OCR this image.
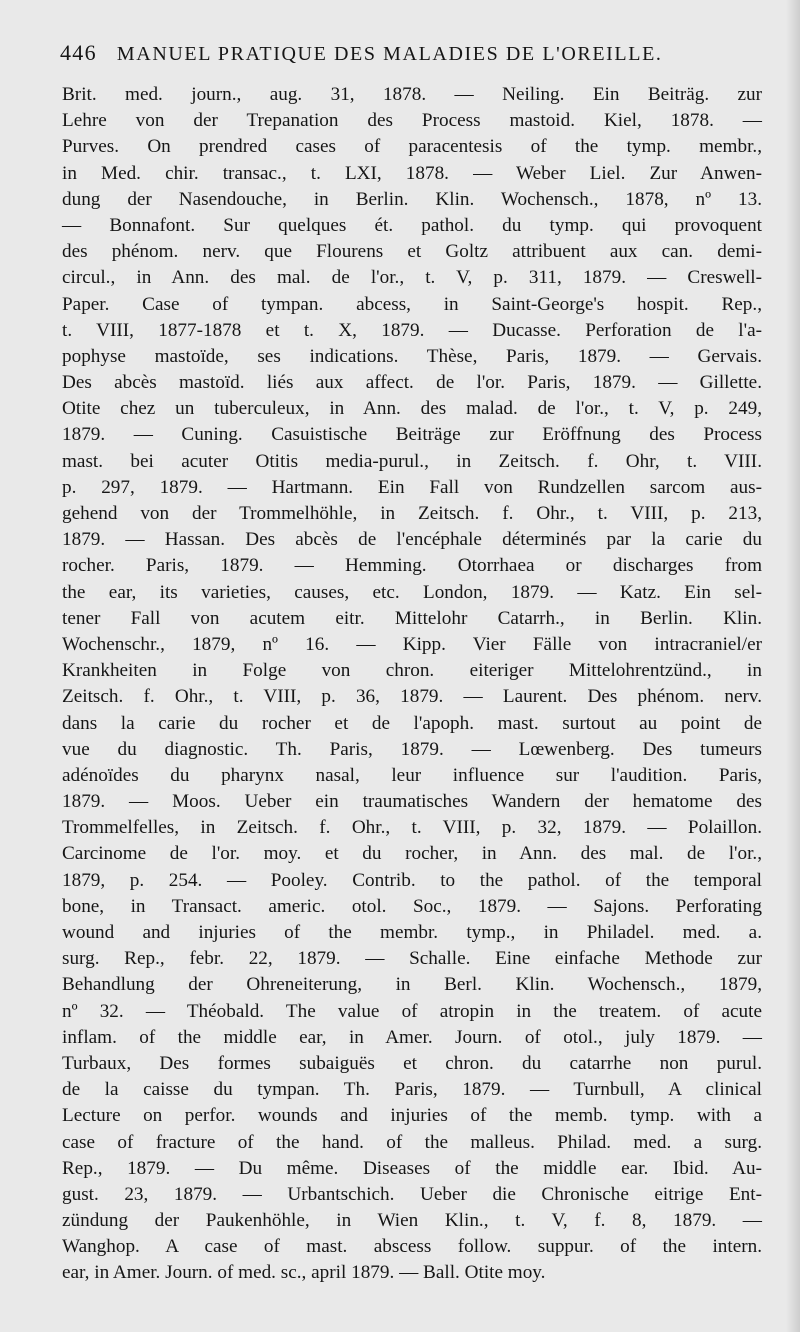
446 MANUEL PRATIQUE DES MALADIES DE L'OREILLE.
Brit. med. journ., aug. 31, 1878. — Neiling. Ein Beiträg. zur
Lehre von der Trepanation des Process mastoid. Kiel, 1878. —
Purves. On prendred cases of paracentesis of the tymp. membr.,
in Med. chir. transac., t. LXI, 1878. — Weber Liel. Zur Anwen-
dung der Nasendouche, in Berlin. Klin. Wochensch., 1878, nº 13.
— Bonnafont. Sur quelques ét. pathol. du tymp. qui provoquent
des phénom. nerv. que Flourens et Goltz attribuent aux can. demi-
circul., in Ann. des mal. de l'or., t. V, p. 311, 1879. — Creswell-
Paper. Case of tympan. abcess, in Saint-George's hospit. Rep.,
t. VIII, 1877-1878 et t. X, 1879. — Ducasse. Perforation de l'a-
pophyse mastoïde, ses indications. Thèse, Paris, 1879. — Gervais.
Des abcès mastoïd. liés aux affect. de l'or. Paris, 1879. — Gillette.
Otite chez un tuberculeux, in Ann. des malad. de l'or., t. V, p. 249,
1879. — Cuning. Casuistische Beiträge zur Eröffnung des Process
mast. bei acuter Otitis media-purul., in Zeitsch. f. Ohr, t. VIII.
p. 297, 1879. — Hartmann. Ein Fall von Rundzellen sarcom aus-
gehend von der Trommelhöhle, in Zeitsch. f. Ohr., t. VIII, p. 213,
1879. — Hassan. Des abcès de l'encéphale déterminés par la carie du
rocher. Paris, 1879. — Hemming. Otorrhaea or discharges from
the ear, its varieties, causes, etc. London, 1879. — Katz. Ein sel-
tener Fall von acutem eitr. Mittelohr Catarrh., in Berlin. Klin.
Wochenschr., 1879, nº 16. — Kipp. Vier Fälle von intracraniel/er
Krankheiten in Folge von chron. eiteriger Mittelohrentzünd., in
Zeitsch. f. Ohr., t. VIII, p. 36, 1879. — Laurent. Des phénom. nerv.
dans la carie du rocher et de l'apoph. mast. surtout au point de
vue du diagnostic. Th. Paris, 1879. — Lœwenberg. Des tumeurs
adénoïdes du pharynx nasal, leur influence sur l'audition. Paris,
1879. — Moos. Ueber ein traumatisches Wandern der hematome des
Trommelfelles, in Zeitsch. f. Ohr., t. VIII, p. 32, 1879. — Polaillon.
Carcinome de l'or. moy. et du rocher, in Ann. des mal. de l'or.,
1879, p. 254. — Pooley. Contrib. to the pathol. of the temporal
bone, in Transact. americ. otol. Soc., 1879. — Sajons. Perforating
wound and injuries of the membr. tymp., in Philadel. med. a.
surg. Rep., febr. 22, 1879. — Schalle. Eine einfache Methode zur
Behandlung der Ohreneiterung, in Berl. Klin. Wochensch., 1879,
nº 32. — Théobald. The value of atropin in the treatem. of acute
inflam. of the middle ear, in Amer. Journ. of otol., july 1879. —
Turbaux, Des formes subaiguës et chron. du catarrhe non purul.
de la caisse du tympan. Th. Paris, 1879. — Turnbull, A clinical
Lecture on perfor. wounds and injuries of the memb. tymp. with a
case of fracture of the hand. of the malleus. Philad. med. a surg.
Rep., 1879. — Du même. Diseases of the middle ear. Ibid. Au-
gust. 23, 1879. — Urbantschich. Ueber die Chronische eitrige Ent-
zündung der Paukenhöhle, in Wien Klin., t. V, f. 8, 1879. —
Wanghop. A case of mast. abscess follow. suppur. of the intern.
ear, in Amer. Journ. of med. sc., april 1879. — Ball. Otite moy.
